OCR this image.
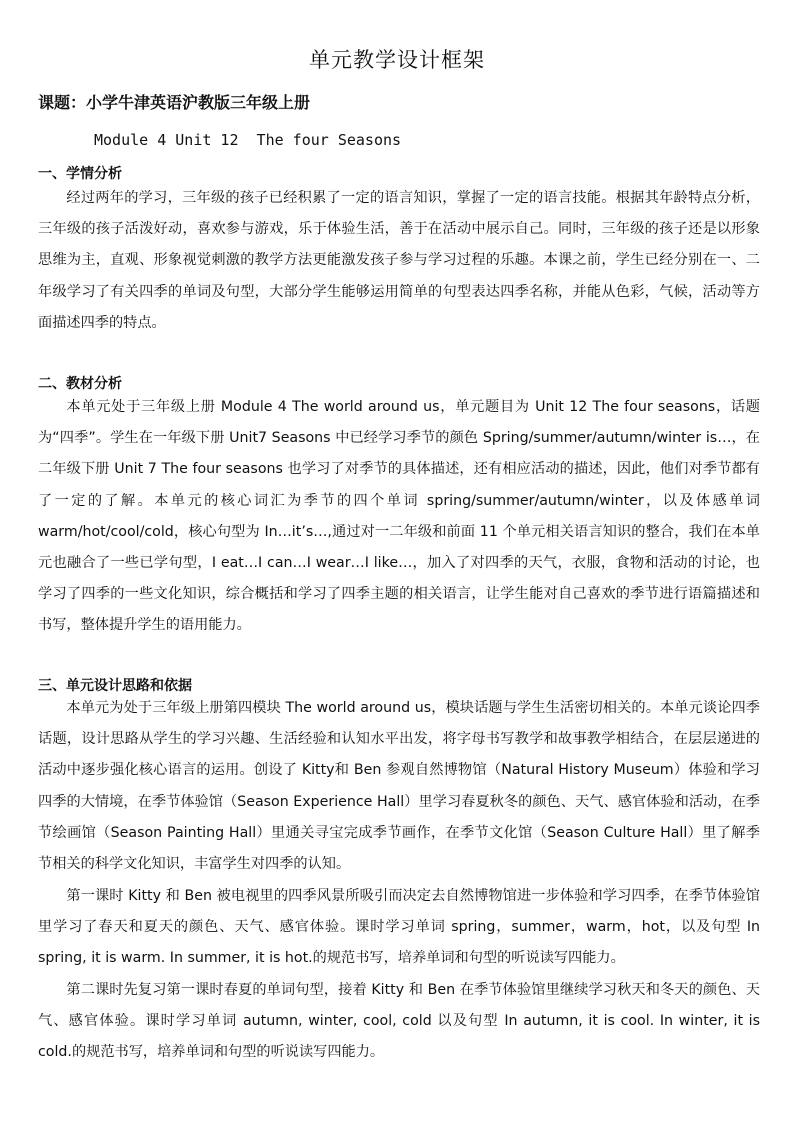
单元教学设计框架
课题：小学牛津英语沪教版三年级上册
Module 4 Unit 12  The four Seasons
一、学情分析

经过两年的学习，三年级的孩子已经积累了一定的语言知识，掌握了一定的语言技能。根据其年龄特点分析，三年级的孩子活泼好动，喜欢参与游戏，乐于体验生活，善于在活动中展示自己。同时，三年级的孩子还是以形象思维为主，直观、形象视觉刺激的教学方法更能激发孩子参与学习过程的乐趣。本课之前，学生已经分别在一、二年级学习了有关四季的单词及句型，大部分学生能够运用简单的句型表达四季名称，并能从色彩，气候，活动等方面描述四季的特点。

二、教材分析

本单元处于三年级上册 Module 4 The world around us，单元题目为 Unit 12 The four seasons，话题为“四季”。学生在一年级下册 Unit7 Seasons 中已经学习季节的颜色 Spring/summer/autumn/winter is…，在二年级下册 Unit 7 The four seasons 也学习了对季节的具体描述，还有相应活动的描述，因此，他们对季节都有了一定的了解。本单元的核心词汇为季节的四个单词 spring/summer/autumn/winter，以及体感单词 warm/hot/cool/cold，核心句型为 In…it’s…,通过对一二年级和前面 11 个单元相关语言知识的整合，我们在本单元也融合了一些已学句型，I eat…I can…I wear…I like…，加入了对四季的天气，衣服，食物和活动的讨论，也学习了四季的一些文化知识，综合概括和学习了四季主题的相关语言，让学生能对自己喜欢的季节进行语篇描述和书写，整体提升学生的语用能力。

三、单元设计思路和依据

本单元为处于三年级上册第四模块 The world around us，模块话题与学生生活密切相关的。本单元谈论四季话题，设计思路从学生的学习兴趣、生活经验和认知水平出发，将字母书写教学和故事教学相结合，在层层递进的活动中逐步强化核心语言的运用。创设了 Kitty和 Ben 参观自然博物馆（Natural History Museum）体验和学习四季的大情境，在季节体验馆（Season Experience Hall）里学习春夏秋冬的颜色、天气、感官体验和活动，在季节绘画馆（Season Painting Hall）里通关寻宝完成季节画作，在季节文化馆（Season Culture Hall）里了解季节相关的科学文化知识，丰富学生对四季的认知。

第一课时 Kitty 和 Ben 被电视里的四季风景所吸引而决定去自然博物馆进一步体验和学习四季，在季节体验馆里学习了春天和夏天的颜色、天气、感官体验。课时学习单词 spring，summer，warm，hot，以及句型 In spring, it is warm. In summer, it is hot.的规范书写，培养单词和句型的听说读写四能力。

第二课时先复习第一课时春夏的单词句型，接着 Kitty 和 Ben 在季节体验馆里继续学习秋天和冬天的颜色、天气、感官体验。课时学习单词 autumn, winter, cool, cold 以及句型 In autumn, it is cool. In winter, it is cold.的规范书写，培养单词和句型的听说读写四能力。
